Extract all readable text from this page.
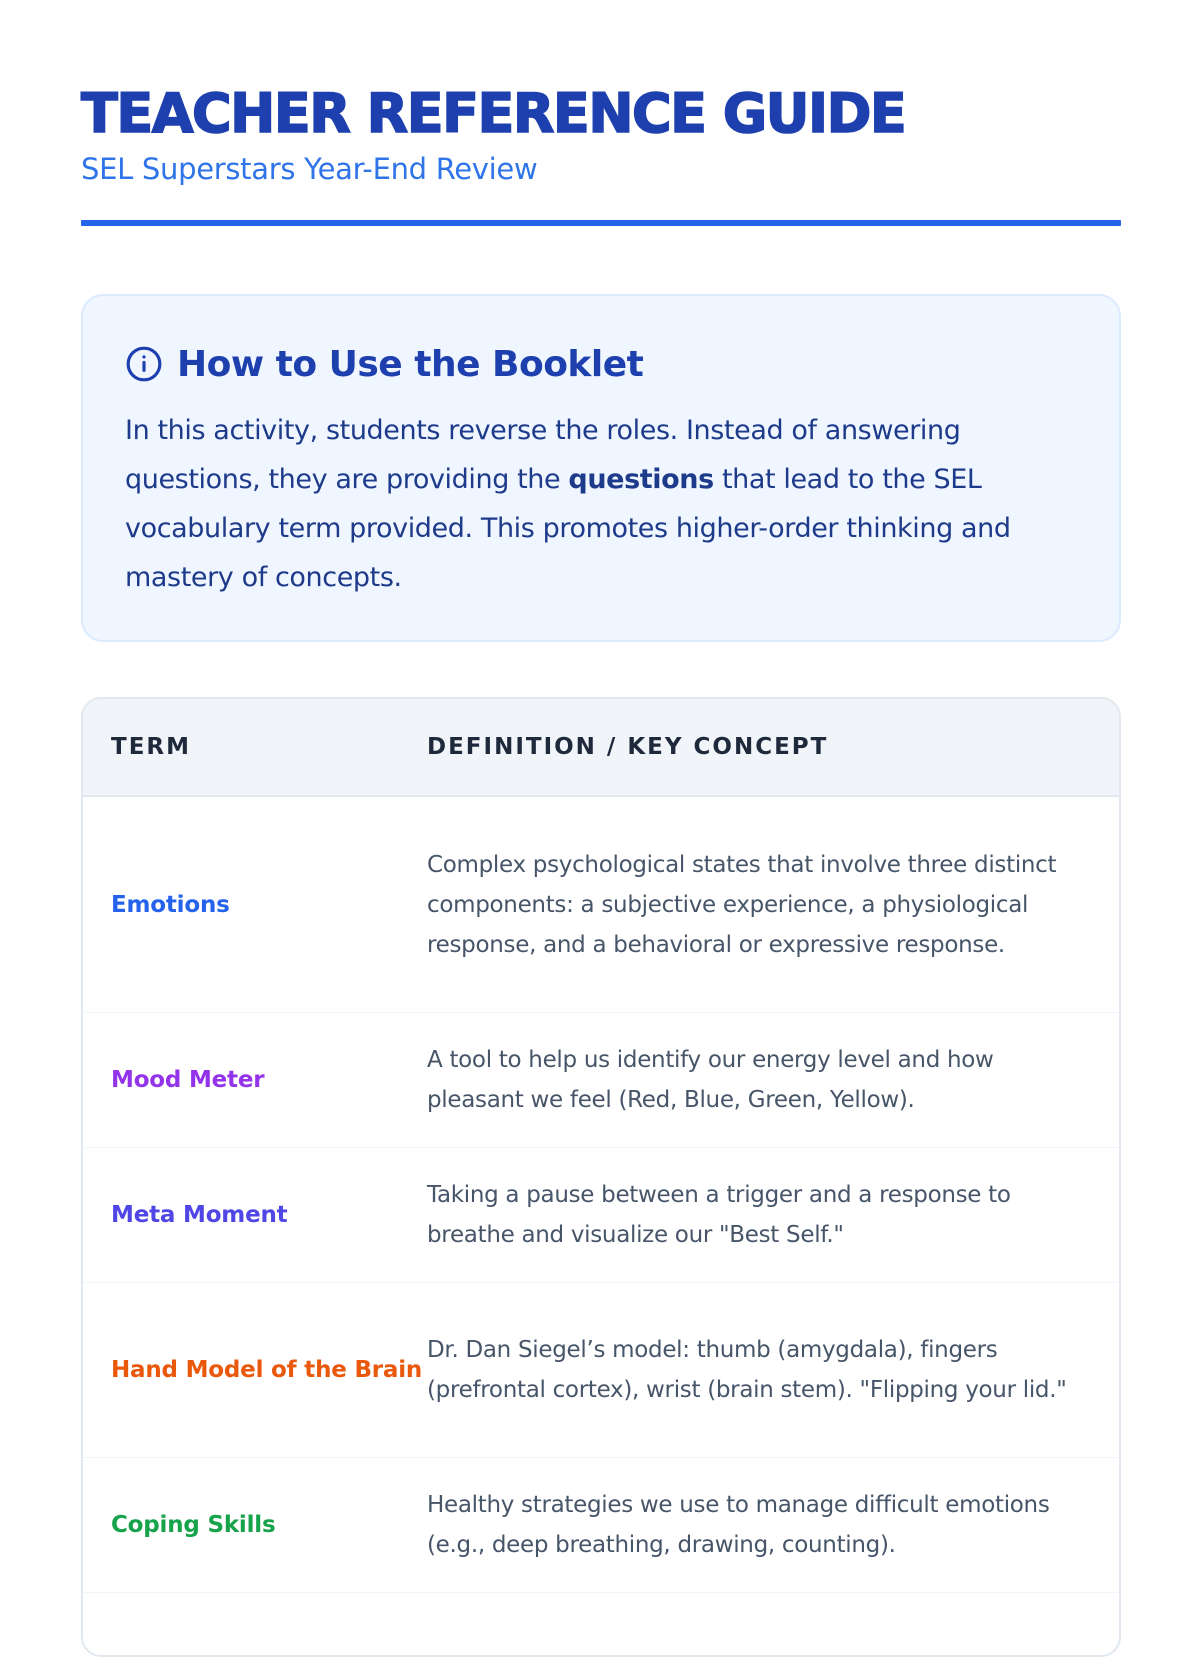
TEACHER REFERENCE GUIDE

SEL Superstars Year-End Review

How to Use the Booklet

In this activity, students reverse the roles. Instead of answering questions, they are providing the questions that lead to the SEL vocabulary term provided. This promotes higher-order thinking and mastery of concepts.

TERM	DEFINITION / KEY CONCEPT
Emotions
Complex psychological states that involve three distinct components: a subjective experience, a physiological response, and a behavioral or expressive response.
Mood Meter
A tool to help us identify our energy level and how pleasant we feel (Red, Blue, Green, Yellow).
Meta Moment
Taking a pause between a trigger and a response to breathe and visualize our "Best Self."
Hand Model of the Brain
Dr. Dan Siegel’s model: thumb (amygdala), fingers (prefrontal cortex), wrist (brain stem). "Flipping your lid."
Coping Skills
Healthy strategies we use to manage difficult emotions (e.g., deep breathing, drawing, counting).
